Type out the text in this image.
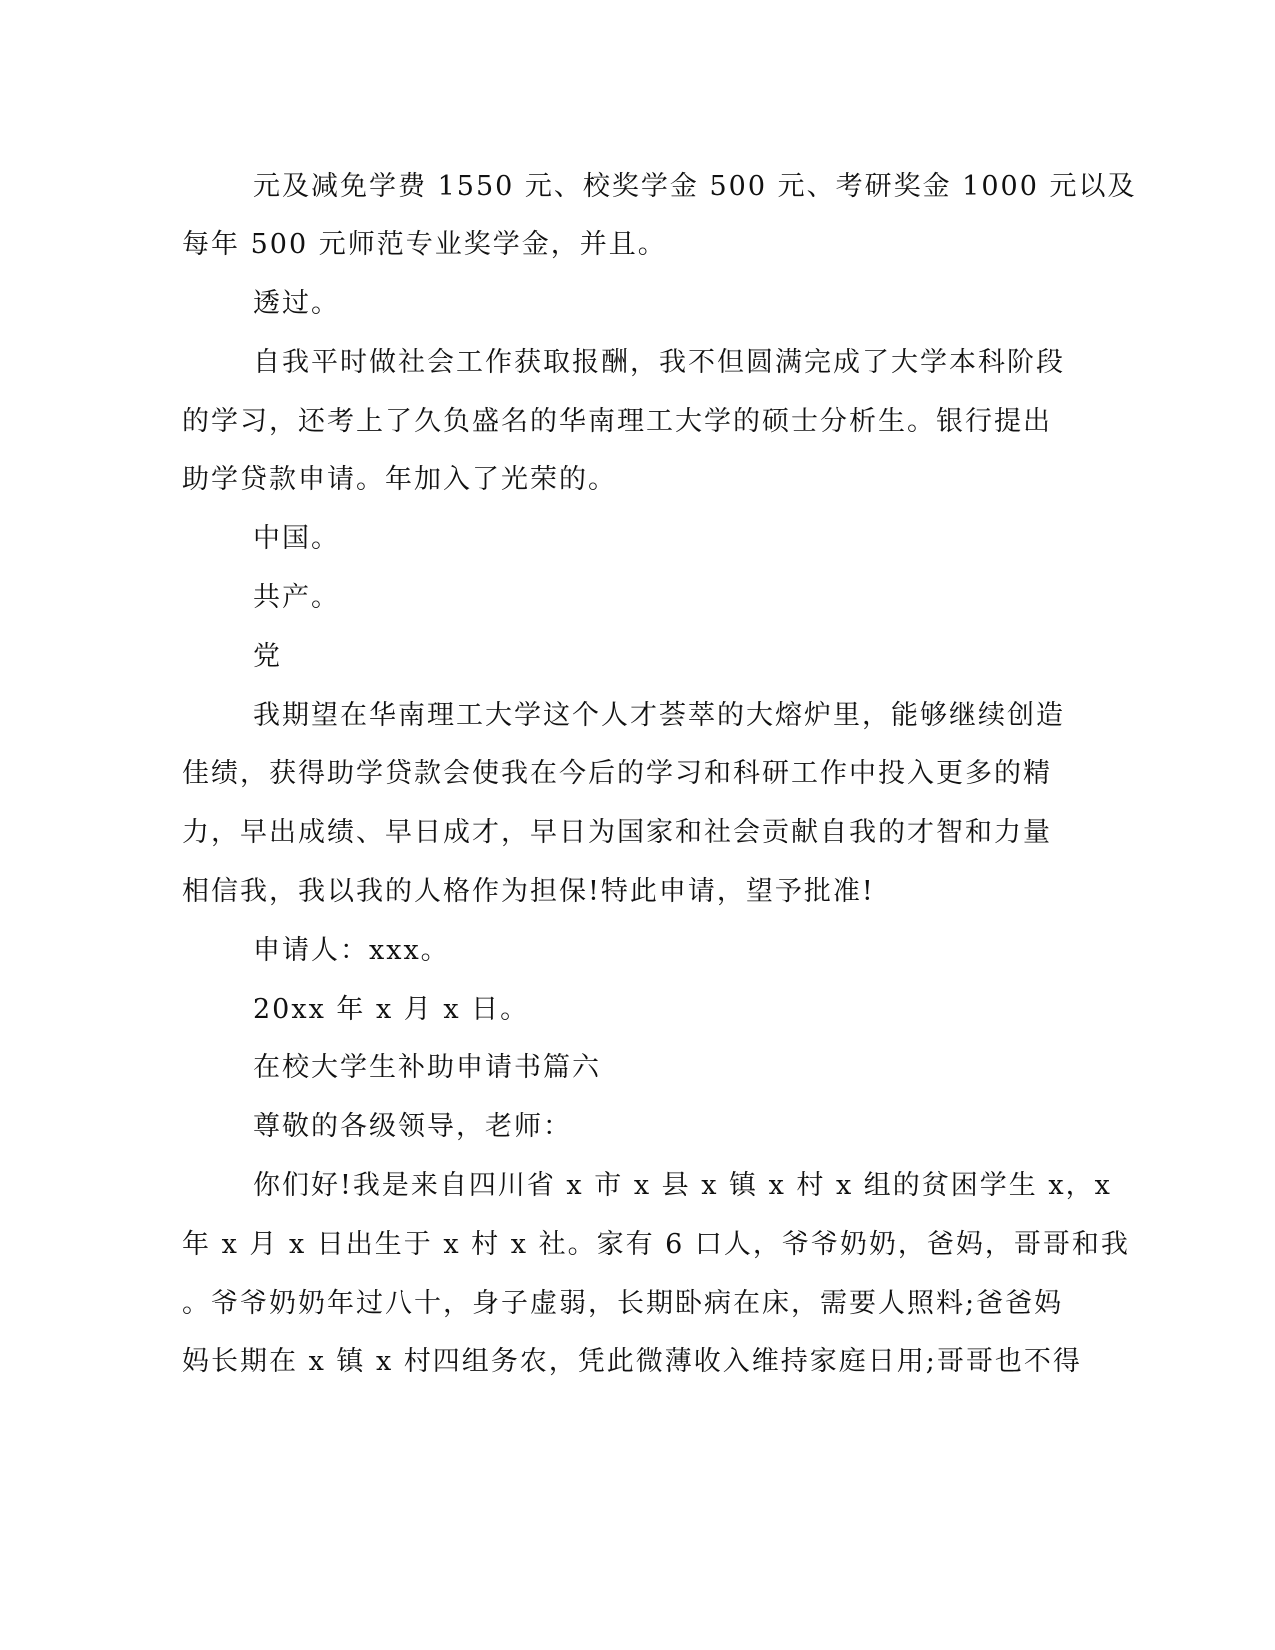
元及减免学费 1550 元、校奖学金 500 元、考研奖金 1000 元以及

每年 500 元师范专业奖学金，并且。

透过。

自我平时做社会工作获取报酬，我不但圆满完成了大学本科阶段

的学习，还考上了久负盛名的华南理工大学的硕士分析生。银行提出

助学贷款申请。年加入了光荣的。

中国。

共产。

党

我期望在华南理工大学这个人才荟萃的大熔炉里，能够继续创造

佳绩，获得助学贷款会使我在今后的学习和科研工作中投入更多的精

力，早出成绩、早日成才，早日为国家和社会贡献自我的才智和力量

相信我，我以我的人格作为担保!特此申请，望予批准!

申请人：xxx。

20xx 年 x 月 x 日。

在校大学生补助申请书篇六

尊敬的各级领导，老师：

你们好!我是来自四川省 x 市 x 县 x 镇 x 村 x 组的贫困学生 x，x

年 x 月 x 日出生于 x 村 x 社。家有 6 口人，爷爷奶奶，爸妈，哥哥和我

。爷爷奶奶年过八十，身子虚弱，长期卧病在床，需要人照料;爸爸妈

妈长期在 x 镇 x 村四组务农，凭此微薄收入维持家庭日用;哥哥也不得
